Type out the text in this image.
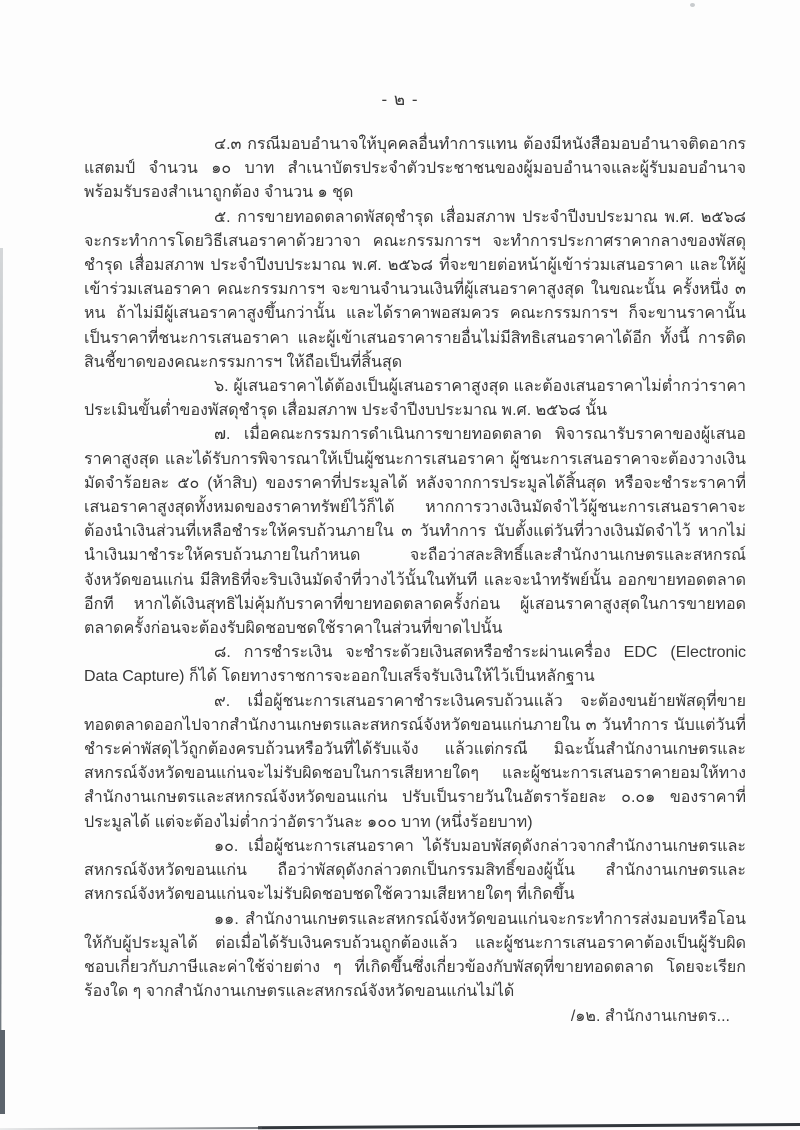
- ๒ -

๔.๓ กรณีมอบอำนาจให้บุคคลอื่นทำการแทน ต้องมีหนังสือมอบอำนาจติดอากรแสตมป์ จำนวน ๑๐ บาท สำเนาบัตรประจำตัวประชาชนของผู้มอบอำนาจและผู้รับมอบอำนาจ พร้อมรับรองสำเนาถูกต้อง จำนวน ๑ ชุด

๕. การขายทอดตลาดพัสดุชำรุด เสื่อมสภาพ ประจำปีงบประมาณ พ.ศ. ๒๕๖๘ จะกระทำการโดยวิธีเสนอราคาด้วยวาจา คณะกรรมการฯ จะทำการประกาศราคากลางของพัสดุชำรุด เสื่อมสภาพ ประจำปีงบประมาณ พ.ศ. ๒๕๖๘ ที่จะขายต่อหน้าผู้เข้าร่วมเสนอราคา และให้ผู้เข้าร่วมเสนอราคา คณะกรรมการฯ จะขานจำนวนเงินที่ผู้เสนอราคาสูงสุด ในขณะนั้น ครั้งหนึ่ง ๓ หน ถ้าไม่มีผู้เสนอราคาสูงขึ้นกว่านั้น และได้ราคาพอสมควร คณะกรรมการฯ ก็จะขานราคานั้นเป็นราคาที่ชนะการเสนอราคา และผู้เข้าเสนอราคารายอื่นไม่มีสิทธิเสนอราคาได้อีก ทั้งนี้ การติดสินชี้ขาดของคณะกรรมการฯ ให้ถือเป็นที่สิ้นสุด

๖. ผู้เสนอราคาได้ต้องเป็นผู้เสนอราคาสูงสุด และต้องเสนอราคาไม่ต่ำกว่าราคาประเมินขั้นต่ำของพัสดุชำรุด เสื่อมสภาพ ประจำปีงบประมาณ พ.ศ. ๒๕๖๘ นั้น

๗. เมื่อคณะกรรมการดำเนินการขายทอดตลาด พิจารณารับราคาของผู้เสนอราคาสูงสุด และได้รับการพิจารณาให้เป็นผู้ชนะการเสนอราคา ผู้ชนะการเสนอราคาจะต้องวางเงินมัดจำร้อยละ ๕๐ (ห้าสิบ) ของราคาที่ประมูลได้ หลังจากการประมูลได้สิ้นสุด หรือจะชำระราคาที่เสนอราคาสูงสุดทั้งหมดของราคาทรัพย์ไว้ก็ได้ หากการวางเงินมัดจำไว้ผู้ชนะการเสนอราคาจะต้องนำเงินส่วนที่เหลือชำระให้ครบถ้วนภายใน ๓ วันทำการ นับตั้งแต่วันที่วางเงินมัดจำไว้ หากไม่นำเงินมาชำระให้ครบถ้วนภายในกำหนด จะถือว่าสละสิทธิ์และสำนักงานเกษตรและสหกรณ์จังหวัดขอนแก่น มีสิทธิที่จะริบเงินมัดจำที่วางไว้นั้นในทันที และจะนำทรัพย์นั้น ออกขายทอดตลาดอีกที หากได้เงินสุทธิไม่คุ้มกับราคาที่ขายทอดตลาดครั้งก่อน ผู้เสอนราคาสูงสุดในการขายทอดตลาดครั้งก่อนจะต้องรับผิดชอบชดใช้ราคาในส่วนที่ขาดไปนั้น

๘. การชำระเงิน จะชำระด้วยเงินสดหรือชำระผ่านเครื่อง EDC (Electronic Data Capture) ก็ได้ โดยทางราชการจะออกใบเสร็จรับเงินให้ไว้เป็นหลักฐาน

๙. เมื่อผู้ชนะการเสนอราคาชำระเงินครบถ้วนแล้ว จะต้องขนย้ายพัสดุที่ขายทอดตลาดออกไปจากสำนักงานเกษตรและสหกรณ์จังหวัดขอนแก่นภายใน ๓ วันทำการ นับแต่วันที่ชำระค่าพัสดุไว้ถูกต้องครบถ้วนหรือวันที่ได้รับแจ้ง แล้วแต่กรณี มิฉะนั้นสำนักงานเกษตรและสหกรณ์จังหวัดขอนแก่นจะไม่รับผิดชอบในการเสียหายใดๆ และผู้ชนะการเสนอราคายอมให้ทางสำนักงานเกษตรและสหกรณ์จังหวัดขอนแก่น ปรับเป็นรายวันในอัตราร้อยละ ๐.๐๑ ของราคาที่ประมูลได้ แต่จะต้องไม่ต่ำกว่าอัตราวันละ ๑๐๐ บาท (หนึ่งร้อยบาท)

๑๐. เมื่อผู้ชนะการเสนอราคา ได้รับมอบพัสดุดังกล่าวจากสำนักงานเกษตรและสหกรณ์จังหวัดขอนแก่น ถือว่าพัสดุดังกล่าวตกเป็นกรรมสิทธิ์ของผู้นั้น สำนักงานเกษตรและสหกรณ์จังหวัดขอนแก่นจะไม่รับผิดชอบชดใช้ความเสียหายใดๆ ที่เกิดขึ้น

๑๑. สำนักงานเกษตรและสหกรณ์จังหวัดขอนแก่นจะกระทำการส่งมอบหรือโอนให้กับผู้ประมูลได้ ต่อเมื่อได้รับเงินครบถ้วนถูกต้องแล้ว และผู้ชนะการเสนอราคาต้องเป็นผู้รับผิดชอบเกี่ยวกับภาษีและค่าใช้จ่ายต่าง ๆ ที่เกิดขึ้นซึ่งเกี่ยวข้องกับพัสดุที่ขายทอดตลาด โดยจะเรียกร้องใด ๆ จากสำนักงานเกษตรและสหกรณ์จังหวัดขอนแก่นไม่ได้

/๑๒. สำนักงานเกษตร...
